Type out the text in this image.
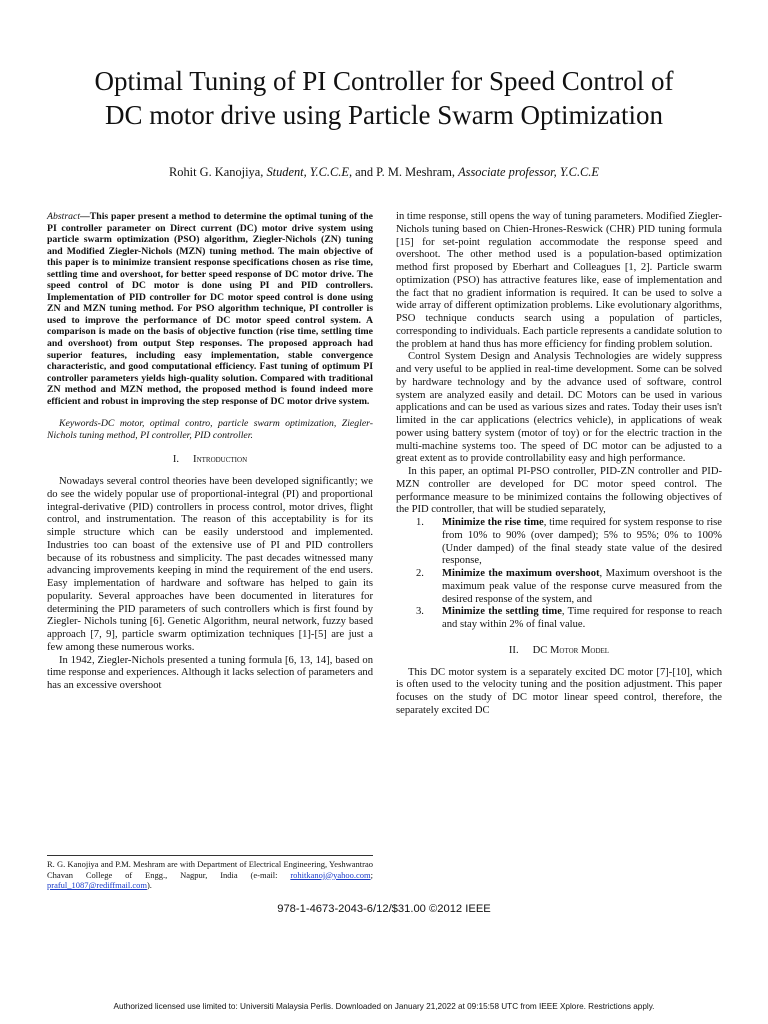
Optimal Tuning of PI Controller for Speed Control of
DC motor drive using Particle Swarm Optimization
Rohit G. Kanojiya, Student, Y.C.C.E, and P. M. Meshram, Associate professor, Y.C.C.E

Abstract—This paper present a method to determine the optimal tuning of the PI controller parameter on Direct current (DC) motor drive system using particle swarm optimization (PSO) algorithm, Ziegler-Nichols (ZN) tuning and Modified Ziegler-Nichols (MZN) tuning method. The main objective of this paper is to minimize transient response specifications chosen as rise time, settling time and overshoot, for better speed response of DC motor drive. The speed control of DC motor is done using PI and PID controllers. Implementation of PID controller for DC motor speed control is done using ZN and MZN tuning method. For PSO algorithm technique, PI controller is used to improve the performance of DC motor speed control system. A comparison is made on the basis of objective function (rise time, settling time and overshoot) from output Step responses. The proposed approach had superior features, including easy implementation, stable convergence characteristic, and good computational efficiency. Fast tuning of optimum PI controller parameters yields high-quality solution. Compared with traditional ZN method and MZN method, the proposed method is found indeed more efficient and robust in improving the step response of DC motor drive system.

Keywords-DC motor, optimal contro, particle swarm optimization, Ziegler-Nichols tuning method, PI controller, PID controller.

I. Introduction

Nowadays several control theories have been developed significantly; we do see the widely popular use of proportional-integral (PI) and proportional integral-derivative (PID) controllers in process control, motor drives, flight control, and instrumentation. The reason of this acceptability is for its simple structure which can be easily understood and implemented. Industries too can boast of the extensive use of PI and PID controllers because of its robustness and simplicity. The past decades witnessed many advancing improvements keeping in mind the requirement of the end users. Easy implementation of hardware and software has helped to gain its popularity. Several approaches have been documented in literatures for determining the PID parameters of such controllers which is first found by Ziegler- Nichols tuning [6]. Genetic Algorithm, neural network, fuzzy based approach [7, 9], particle swarm optimization techniques [1]-[5] are just a few among these numerous works.

In 1942, Ziegler-Nichols presented a tuning formula [6, 13, 14], based on time response and experiences. Although it lacks selection of parameters and has an excessive overshoot

R. G. Kanojiya and P.M. Meshram are with Department of Electrical Engineering, Yeshwantrao Chavan College of Engg., Nagpur, India (e-mail: rohitkanoj@yahoo.com; praful_1087@rediffmail.com).

in time response, still opens the way of tuning parameters. Modified Ziegler-Nichols tuning based on Chien-Hrones-Reswick (CHR) PID tuning formula [15] for set-point regulation accommodate the response speed and overshoot. The other method used is a population-based optimization method first proposed by Eberhart and Colleagues [1, 2]. Particle swarm optimization (PSO) has attractive features like, ease of implementation and the fact that no gradient information is required. It can be used to solve a wide array of different optimization problems. Like evolutionary algorithms, PSO technique conducts search using a population of particles, corresponding to individuals. Each particle represents a candidate solution to the problem at hand thus has more efficiency for finding problem solution.

Control System Design and Analysis Technologies are widely suppress and very useful to be applied in real-time development. Some can be solved by hardware technology and by the advance used of software, control system are analyzed easily and detail. DC Motors can be used in various applications and can be used as various sizes and rates. Today their uses isn't limited in the car applications (electrics vehicle), in applications of weak power using battery system (motor of toy) or for the electric traction in the multi-machine systems too. The speed of DC motor can be adjusted to a great extent as to provide controllability easy and high performance.

In this paper, an optimal PI-PSO controller, PID-ZN controller and PID-MZN controller are developed for DC motor speed control. The performance measure to be minimized contains the following objectives of the PID controller, that will be studied separately,

1. Minimize the rise time, time required for system response to rise from 10% to 90% (over damped); 5% to 95%; 0% to 100% (Under damped) of the final steady state value of the desired response,
2. Minimize the maximum overshoot, Maximum overshoot is the maximum peak value of the response curve measured from the desired response of the system, and
3. Minimize the settling time, Time required for response to reach and stay within 2% of final value.
II. DC Motor Model

This DC motor system is a separately excited DC motor [7]-[10], which is often used to the velocity tuning and the position adjustment. This paper focuses on the study of DC motor linear speed control, therefore, the separately excited DC

978-1-4673-2043-6/12/$31.00 ©2012 IEEE
Authorized licensed use limited to: Universiti Malaysia Perlis. Downloaded on January 21,2022 at 09:15:58 UTC from IEEE Xplore. Restrictions apply.
